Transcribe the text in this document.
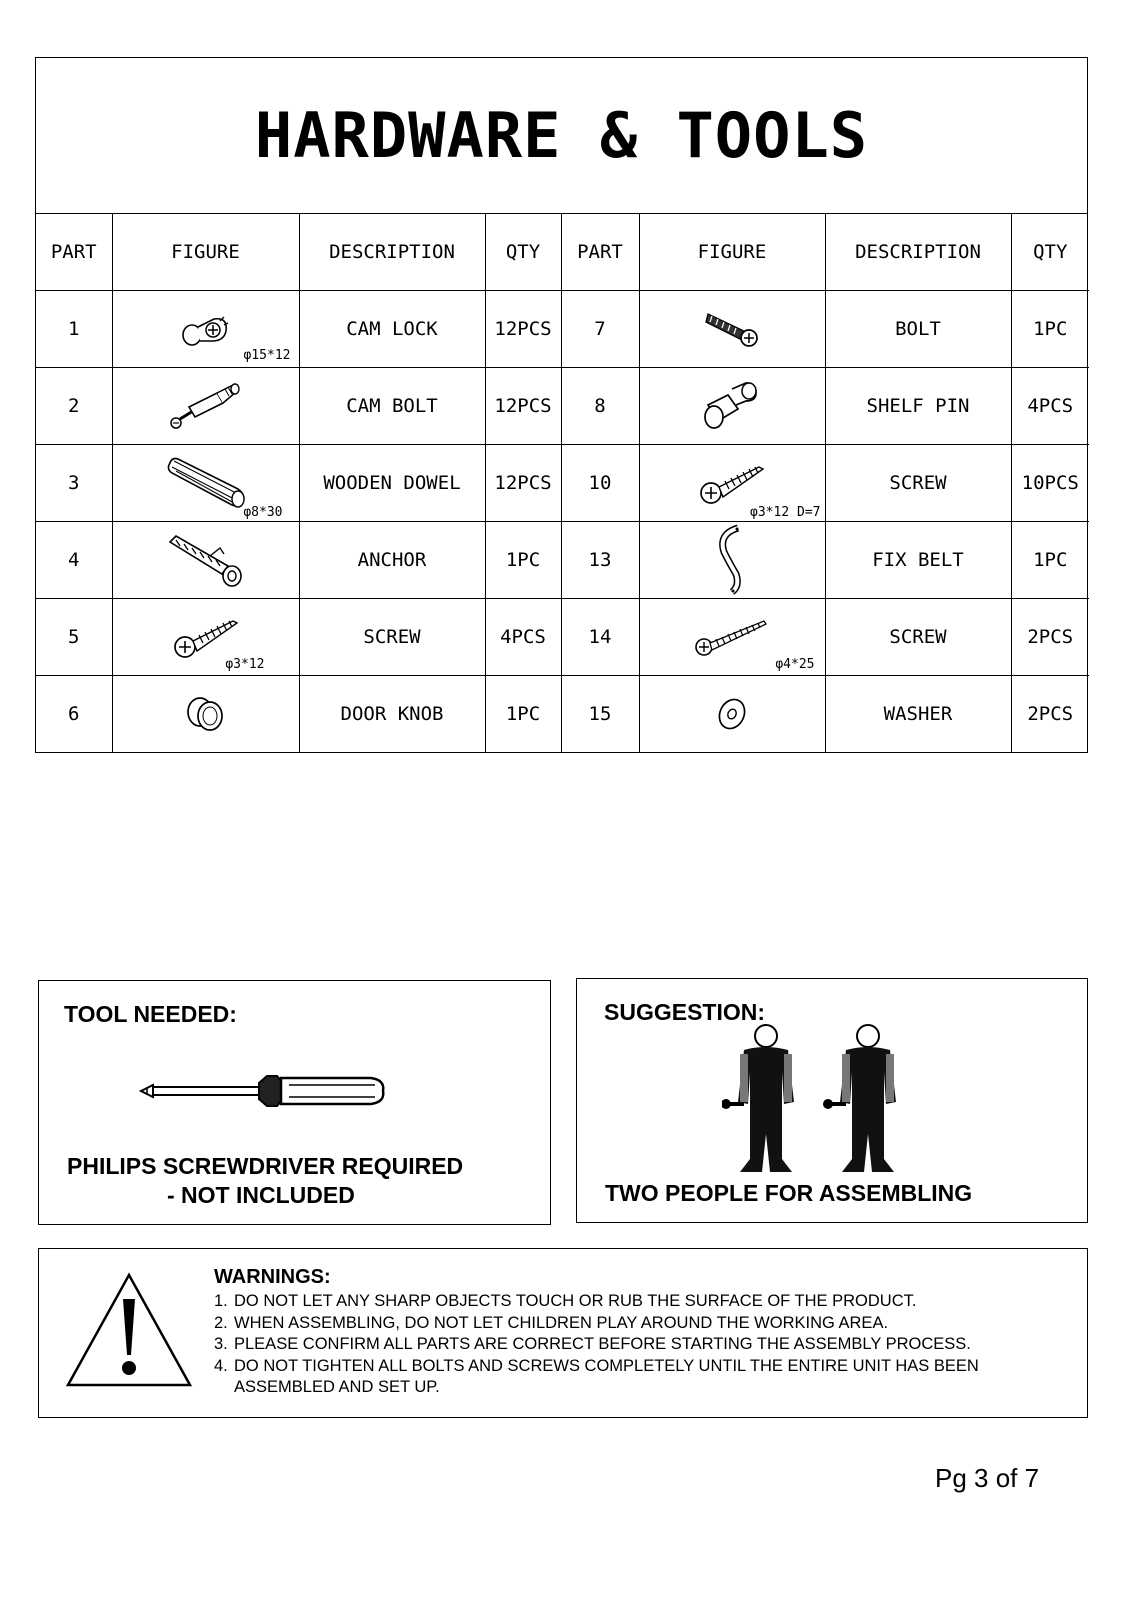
HARDWARE & TOOLS
PART	FIGURE	DESCRIPTION	QTY	PART	FIGURE	DESCRIPTION	QTY
1	φ15*12	CAM LOCK	12PCS	7		BOLT	1PC
2		CAM BOLT	12PCS	8		SHELF PIN	4PCS
3	φ8*30	WOODEN DOWEL	12PCS	10	φ3*12 D=7	SCREW	10PCS
4		ANCHOR	1PC	13		FIX BELT	1PC
5	φ3*12	SCREW	4PCS	14	φ4*25	SCREW	2PCS
6		DOOR KNOB	1PC	15		WASHER	2PCS
TOOL NEEDED:
PHILIPS SCREWDRIVER REQUIRED
- NOT INCLUDED
SUGGESTION:
TWO PEOPLE FOR ASSEMBLING
WARNINGS:
1. DO NOT LET ANY SHARP OBJECTS TOUCH OR RUB THE SURFACE OF THE PRODUCT.
2. WHEN ASSEMBLING, DO NOT LET CHILDREN PLAY AROUND THE WORKING AREA.
3. PLEASE CONFIRM ALL PARTS ARE CORRECT BEFORE STARTING THE ASSEMBLY PROCESS.
4. DO NOT TIGHTEN ALL BOLTS AND SCREWS COMPLETELY UNTIL THE ENTIRE UNIT HAS BEEN ASSEMBLED AND SET UP.
Pg 3 of 7
